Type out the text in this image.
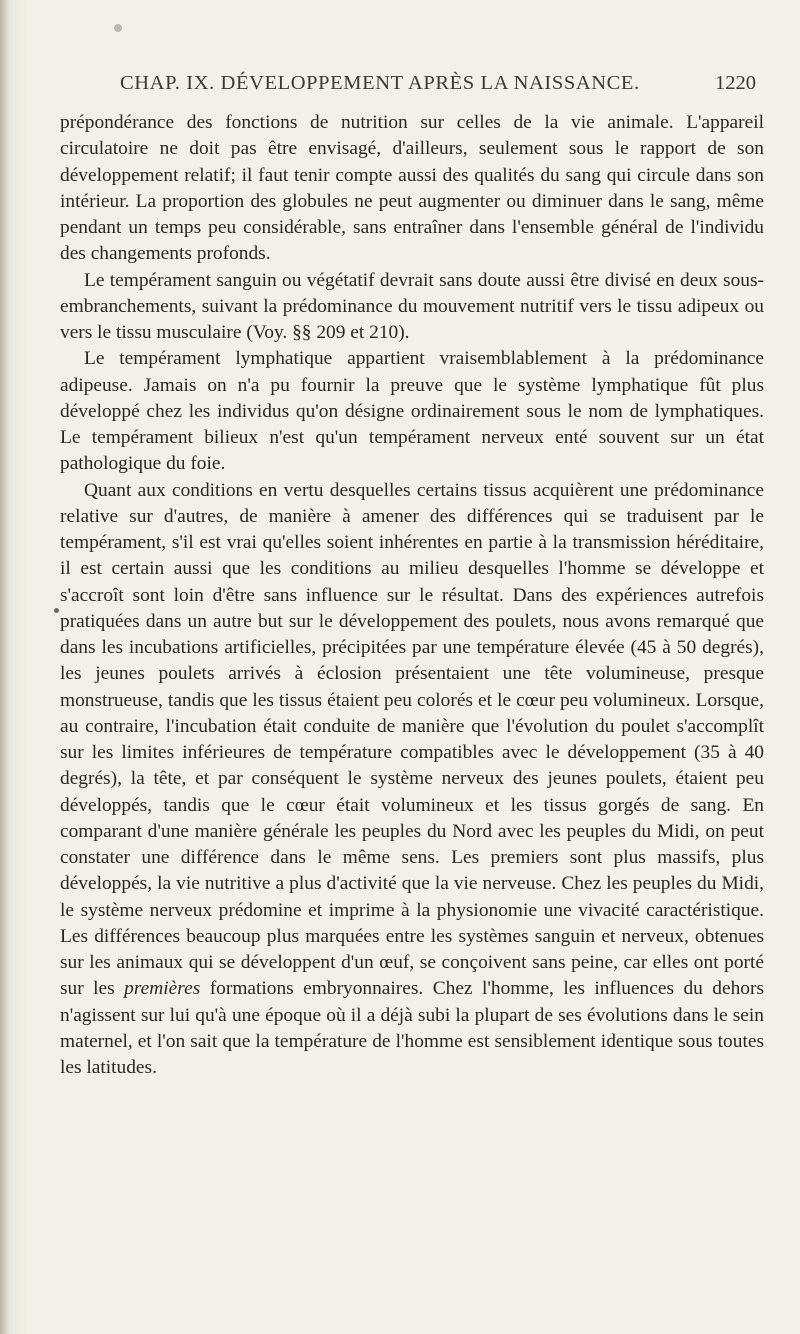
CHAP. IX. DÉVELOPPEMENT APRÈS LA NAISSANCE.	1220

prépondérance des fonctions de nutrition sur celles de la vie animale. L'appareil circulatoire ne doit pas être envisagé, d'ailleurs, seulement sous le rapport de son développement relatif; il faut tenir compte aussi des qualités du sang qui circule dans son intérieur. La proportion des globules ne peut augmenter ou diminuer dans le sang, même pendant un temps peu considérable, sans entraîner dans l'ensemble général de l'individu des changements profonds.

Le tempérament sanguin ou végétatif devrait sans doute aussi être divisé en deux sous-embranchements, suivant la prédominance du mouvement nutritif vers le tissu adipeux ou vers le tissu musculaire (Voy. §§ 209 et 210).

Le tempérament lymphatique appartient vraisemblablement à la prédominance adipeuse. Jamais on n'a pu fournir la preuve que le système lymphatique fût plus développé chez les individus qu'on désigne ordinairement sous le nom de lymphatiques. Le tempérament bilieux n'est qu'un tempérament nerveux enté souvent sur un état pathologique du foie.

Quant aux conditions en vertu desquelles certains tissus acquièrent une prédominance relative sur d'autres, de manière à amener des différences qui se traduisent par le tempérament, s'il est vrai qu'elles soient inhérentes en partie à la transmission héréditaire, il est certain aussi que les conditions au milieu desquelles l'homme se développe et s'accroît sont loin d'être sans influence sur le résultat. Dans des expériences autrefois pratiquées dans un autre but sur le développement des poulets, nous avons remarqué que dans les incubations artificielles, précipitées par une température élevée (45 à 50 degrés), les jeunes poulets arrivés à éclosion présentaient une tête volumineuse, presque monstrueuse, tandis que les tissus étaient peu colorés et le cœur peu volumineux. Lorsque, au contraire, l'incubation était conduite de manière que l'évolution du poulet s'accomplît sur les limites inférieures de température compatibles avec le développement (35 à 40 degrés), la tête, et par conséquent le système nerveux des jeunes poulets, étaient peu développés, tandis que le cœur était volumineux et les tissus gorgés de sang. En comparant d'une manière générale les peuples du Nord avec les peuples du Midi, on peut constater une différence dans le même sens. Les premiers sont plus massifs, plus développés, la vie nutritive a plus d'activité que la vie nerveuse. Chez les peuples du Midi, le système nerveux prédomine et imprime à la physionomie une vivacité caractéristique. Les différences beaucoup plus marquées entre les systèmes sanguin et nerveux, obtenues sur les animaux qui se développent d'un œuf, se conçoivent sans peine, car elles ont porté sur les premières formations embryonnaires. Chez l'homme, les influences du dehors n'agissent sur lui qu'à une époque où il a déjà subi la plupart de ses évolutions dans le sein maternel, et l'on sait que la température de l'homme est sensiblement identique sous toutes les latitudes.
